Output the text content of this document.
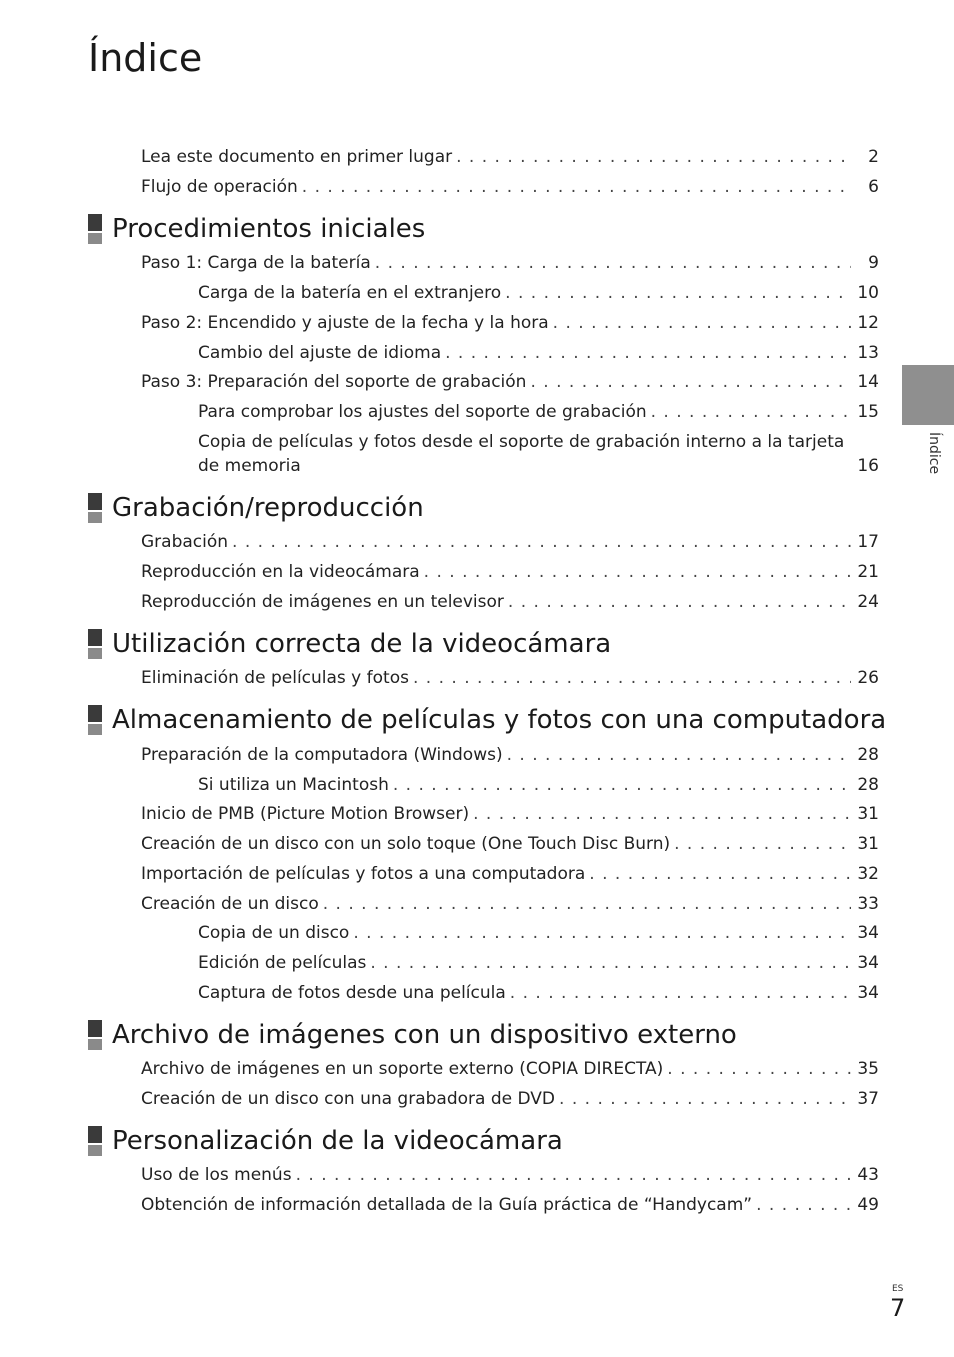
Índice
Lea este documento en primer lugar . . .	2
Flujo de operación . . .	6
Procedimientos iniciales
Paso 1: Carga de la batería . . .	9
Carga de la batería en el extranjero . . .	10
Paso 2: Encendido y ajuste de la fecha y la hora . . .	12
Cambio del ajuste de idioma . . .	13
Paso 3: Preparación del soporte de grabación . . .	14
Para comprobar los ajustes del soporte de grabación . . .	15
Copia de películas y fotos desde el soporte de grabación interno a la tarjeta de memoria	16
Grabación/reproducción
Grabación . . .	17
Reproducción en la videocámara . . .	21
Reproducción de imágenes en un televisor . . .	24
Utilización correcta de la videocámara
Eliminación de películas y fotos . . .	26
Almacenamiento de películas y fotos con una computadora
Preparación de la computadora (Windows) . . .	28
Si utiliza un Macintosh . . .	28
Inicio de PMB (Picture Motion Browser) . . .	31
Creación de un disco con un solo toque (One Touch Disc Burn) . . .	31
Importación de películas y fotos a una computadora . . .	32
Creación de un disco . . .	33
Copia de un disco . . .	34
Edición de películas . . .	34
Captura de fotos desde una película . . .	34
Archivo de imágenes con un dispositivo externo
Archivo de imágenes en un soporte externo (COPIA DIRECTA) . . .	35
Creación de un disco con una grabadora de DVD . . .	37
Personalización de la videocámara
Uso de los menús . . .	43
Obtención de información detallada de la Guía práctica de “Handycam” . . .	49
Índice
ES
7
